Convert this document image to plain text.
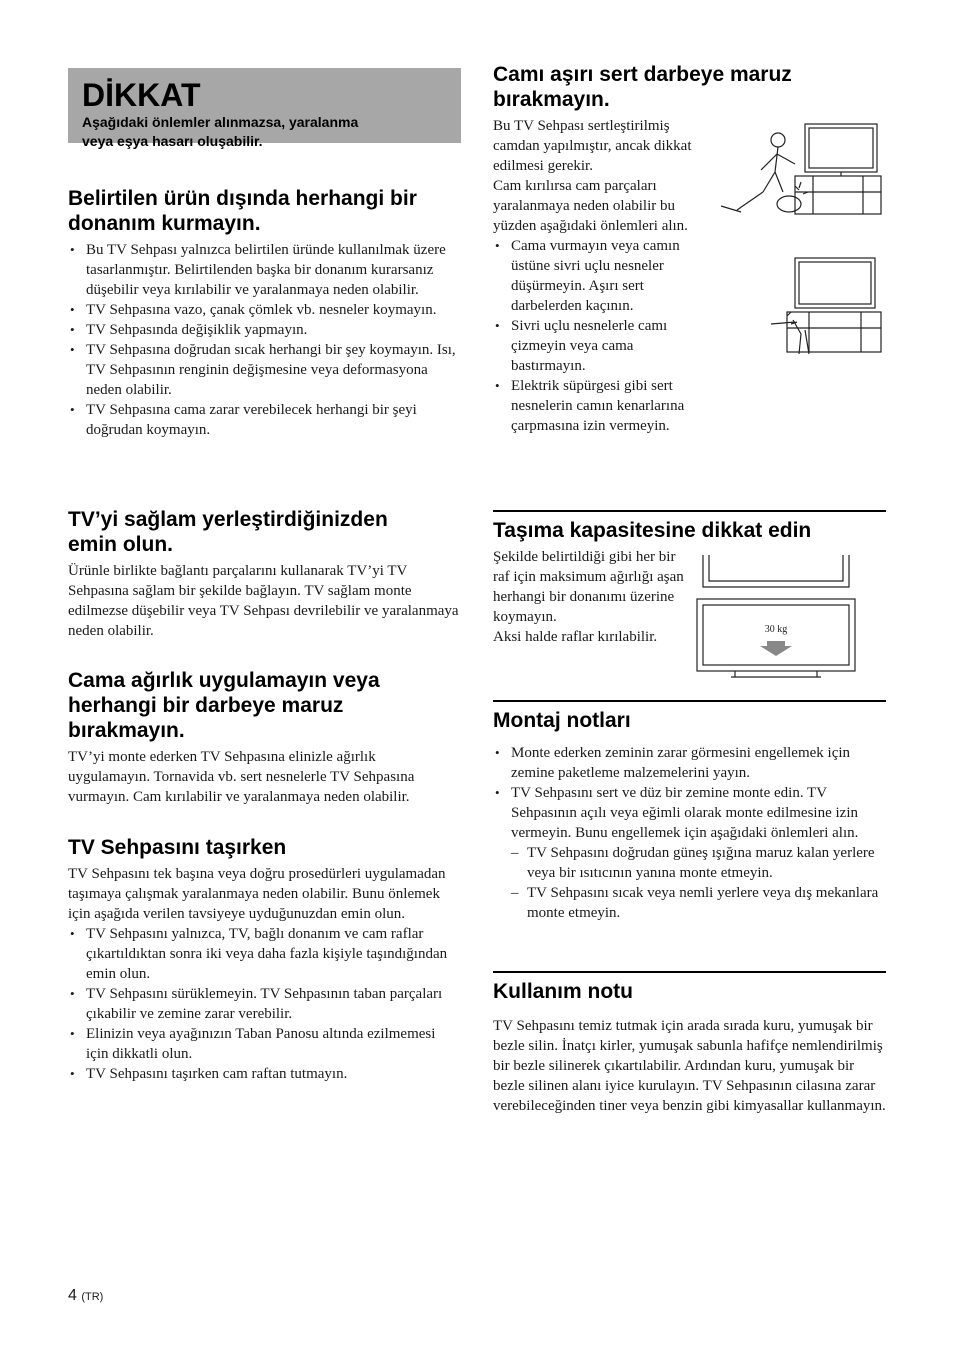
DİKKAT
Aşağıdaki önlemler alınmazsa, yaralanma
veya eşya hasarı oluşabilir.
Belirtilen ürün dışında herhangi bir
donanım kurmayın.
• Bu TV Sehpası yalnızca belirtilen üründe kullanılmak üzere tasarlanmıştır. Belirtilenden başka bir donanım kurarsanız düşebilir veya kırılabilir ve yaralanmaya neden olabilir.
• TV Sehpasına vazo, çanak çömlek vb. nesneler koymayın.
• TV Sehpasında değişiklik yapmayın.
• TV Sehpasına doğrudan sıcak herhangi bir şey koymayın. Isı, TV Sehpasının renginin değişmesine veya deformasyona neden olabilir.
• TV Sehpasına cama zarar verebilecek herhangi bir şeyi doğrudan koymayın.
TV’yi sağlam yerleştirdiğinizden
emin olun.

Ürünle birlikte bağlantı parçalarını kullanarak TV’yi TV Sehpasına sağlam bir şekilde bağlayın. TV sağlam monte edilmezse düşebilir veya TV Sehpası devrilebilir ve yaralanmaya neden olabilir.

Cama ağırlık uygulamayın veya
herhangi bir darbeye maruz
bırakmayın.

TV’yi monte ederken TV Sehpasına elinizle ağırlık uygulamayın. Tornavida vb. sert nesnelerle TV Sehpasına vurmayın. Cam kırılabilir ve yaralanmaya neden olabilir.

TV Sehpasını taşırken

TV Sehpasını tek başına veya doğru prosedürleri uygulamadan taşımaya çalışmak yaralanmaya neden olabilir. Bunu önlemek için aşağıda verilen tavsiyeye uyduğunuzdan emin olun.

• TV Sehpasını yalnızca, TV, bağlı donanım ve cam raflar çıkartıldıktan sonra iki veya daha fazla kişiyle taşındığından emin olun.
• TV Sehpasını sürüklemeyin. TV Sehpasının taban parçaları çıkabilir ve zemine zarar verebilir.
• Elinizin veya ayağınızın Taban Panosu altında ezilmemesi için dikkatli olun.
• TV Sehpasını taşırken cam raftan tutmayın.
Camı aşırı sert darbeye maruz
bırakmayın.

Bu TV Sehpası sertleştirilmiş camdan yapılmıştır, ancak dikkat edilmesi gerekir.

Cam kırılırsa cam parçaları yaralanmaya neden olabilir bu yüzden aşağıdaki önlemleri alın.

• Cama vurmayın veya camın üstüne sivri uçlu nesneler düşürmeyin. Aşırı sert darbelerden kaçının.
• Sivri uçlu nesnelerle camı çizmeyin veya cama bastırmayın.
• Elektrik süpürgesi gibi sert nesnelerin camın kenarlarına çarpmasına izin vermeyin.
Taşıma kapasitesine dikkat edin

Şekilde belirtildiği gibi her bir raf için maksimum ağırlığı aşan herhangi bir donanımı üzerine koymayın.

Aksi halde raflar kırılabilir.	30 kg
Montaj notları
• Monte ederken zeminin zarar görmesini engellemek için zemine paketleme malzemelerini yayın.
• TV Sehpasını sert ve düz bir zemine monte edin. TV Sehpasının açılı veya eğimli olarak monte edilmesine izin vermeyin. Bunu engellemek için aşağıdaki önlemleri alın.
– TV Sehpasını doğrudan güneş ışığına maruz kalan yerlere veya bir ısıtıcının yanına monte etmeyin.
– TV Sehpasını sıcak veya nemli yerlere veya dış mekanlara monte etmeyin.
Kullanım notu

TV Sehpasını temiz tutmak için arada sırada kuru, yumuşak bir bezle silin. İnatçı kirler, yumuşak sabunla hafifçe nemlendirilmiş bir bezle silinerek çıkartılabilir. Ardından kuru, yumuşak bir bezle silinen alanı iyice kurulayın. TV Sehpasının cilasına zarar verebileceğinden tiner veya benzin gibi kimyasallar kullanmayın.

4 (TR)
